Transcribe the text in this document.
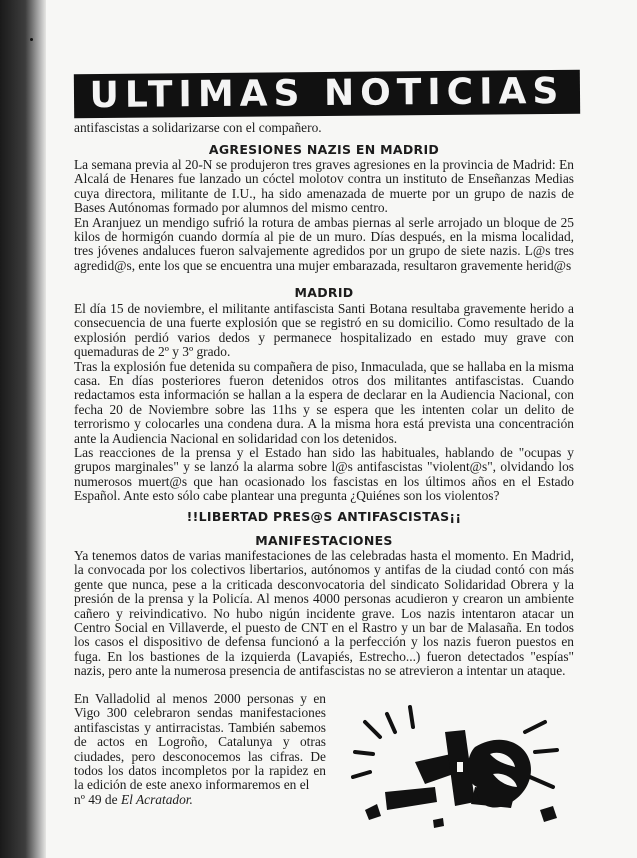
ULTIMAS NOTICIAS

antifascistas a solidarizarse con el compañero.

AGRESIONES NAZIS EN MADRID

La semana previa al 20-N se produjeron tres graves agresiones en la provincia de Madrid: En Alcalá de Henares fue lanzado un cóctel molotov contra un instituto de Enseñanzas Medias cuya directora, militante de I.U., ha sido amenazada de muerte por un grupo de nazis de Bases Autónomas formado por alumnos del mismo centro.

En Aranjuez un mendigo sufrió la rotura de ambas piernas al serle arrojado un bloque de 25 kilos de hormigón cuando dormía al pie de un muro. Días después, en la misma localidad, tres jóvenes andaluces fueron salvajemente agredidos por un grupo de siete nazis. L@s tres agredid@s, ente los que se encuentra una mujer embarazada, resultaron gravemente herid@s

MADRID

El día 15 de noviembre, el militante antifascista Santi Botana resultaba gravemente herido a consecuencia de una fuerte explosión que se registró en su domicilio. Como resultado de la explosión perdió varios dedos y permanece hospitalizado en estado muy grave con quemaduras de 2º y 3º grado.

Tras la explosión fue detenida su compañera de piso, Inmaculada, que se hallaba en la misma casa. En días posteriores fueron detenidos otros dos militantes antifascistas. Cuando redactamos esta información se hallan a la espera de declarar en la Audiencia Nacional, con fecha 20 de Noviembre sobre las 11hs y se espera que les intenten colar un delito de terrorismo y colocarles una condena dura. A la misma hora está prevista una concentración ante la Audiencia Nacional en solidaridad con los detenidos.

Las reacciones de la prensa y el Estado han sido las habituales, hablando de "ocupas y grupos marginales" y se lanzó la alarma sobre l@s antifascistas "violent@s", olvidando los numerosos muert@s que han ocasionado los fascistas en los últimos años en el Estado Español. Ante esto sólo cabe plantear una pregunta ¿Quiénes son los violentos?

!!LIBERTAD PRES@S ANTIFASCISTAS¡¡
MANIFESTACIONES

Ya tenemos datos de varias manifestaciones de las celebradas hasta el momento. En Madrid, la convocada por los colectivos libertarios, autónomos y antifas de la ciudad contó con más gente que nunca, pese a la criticada desconvocatoria del sindicato Solidaridad Obrera y la presión de la prensa y la Policía. Al menos 4000 personas acudieron y crearon un ambiente cañero y reivindicativo. No hubo nigún incidente grave. Los nazis intentaron atacar un Centro Social en Villaverde, el puesto de CNT en el Rastro y un bar de Malasaña. En todos los casos el dispositivo de defensa funcionó a la perfección y los nazis fueron puestos en fuga. En los bastiones de la izquierda (Lavapiés, Estrecho...) fueron detectados "espías" nazis, pero ante la numerosa presencia de antifascistas no se atrevieron a intentar un ataque.

En Valladolid al menos 2000 personas y en Vigo 300 celebraron sendas manifestaciones antifascistas y antirracistas. También sabemos de actos en Logroño, Catalunya y otras ciudades, pero desconocemos las cifras. De todos los datos incompletos por la rapidez en la edición de este anexo informaremos en el
nº 49 de El Acratador.
